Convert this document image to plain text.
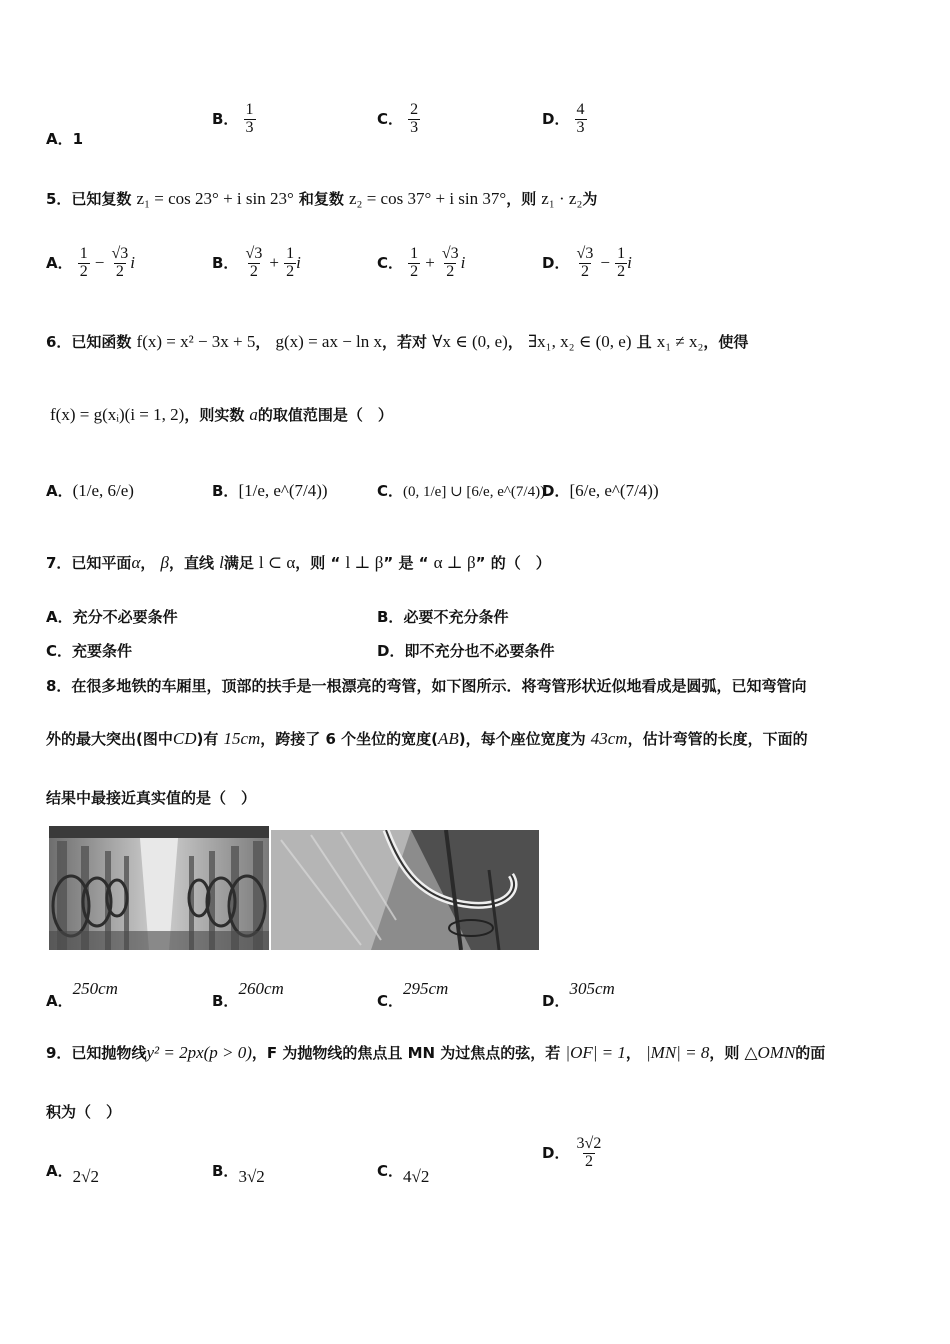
A．1
B． $\frac{1}{3}$	C． $\frac{2}{3}$	D． $\frac{4}{3}$
5．已知复数 z₁ = cos 23° + i sin 23° 和复数 z₂ = cos 37° + i sin 37°，则 z₁ · z₂为
A． $\frac{1}{2} - \frac{√3}{2}$ i	B． $\frac{√3}{2} + \frac{1}{2}$ i	C． $\frac{1}{2} + \frac{√3}{2}$ i	D． $\frac{√3}{2} - \frac{1}{2}$ i
6．已知函数 f(x) = x² − 3x + 5， g(x) = ax − ln x，若对 ∀x ∈ (0, e)， ∃x₁, x₂ ∈ (0, e) 且 x₁ ≠ x₂，使得
f(x) = g(xᵢ)(i = 1, 2)，则实数 a的取值范围是（　）
A．(1/e, 6/e)	B．[1/e, e^(7/4))	C．(0, 1/e] ∪ [6/e, e^(7/4))
D．[6/e, e^(7/4))
7．已知平面α， β，直线 l满足 l ⊂ α，则 “ l ⊥ β” 是 “ α ⊥ β” 的（　）
A．充分不必要条件	B．必要不充分条件
C．充要条件	D．即不充分也不必要条件
8．在很多地铁的车厢里，顶部的扶手是一根漂亮的弯管，如下图所示．将弯管形状近似地看成是圆弧，已知弯管向
外的最大突出(图中CD)有 15cm，跨接了 6 个坐位的宽度(AB)，每个座位宽度为 43cm，估计弯管的长度，下面的
结果中最接近真实值的是（　）
A．250cm
B．260cm
C．295cm
D．305cm
9．已知抛物线y² = 2px(p > 0)，F 为抛物线的焦点且 MN 为过焦点的弦，若 |OF| = 1， |MN| = 8，则 △OMN的面
积为（　）
A．2√2	B．3√2	C．4√2
D． $\frac{3√2}{2}$
